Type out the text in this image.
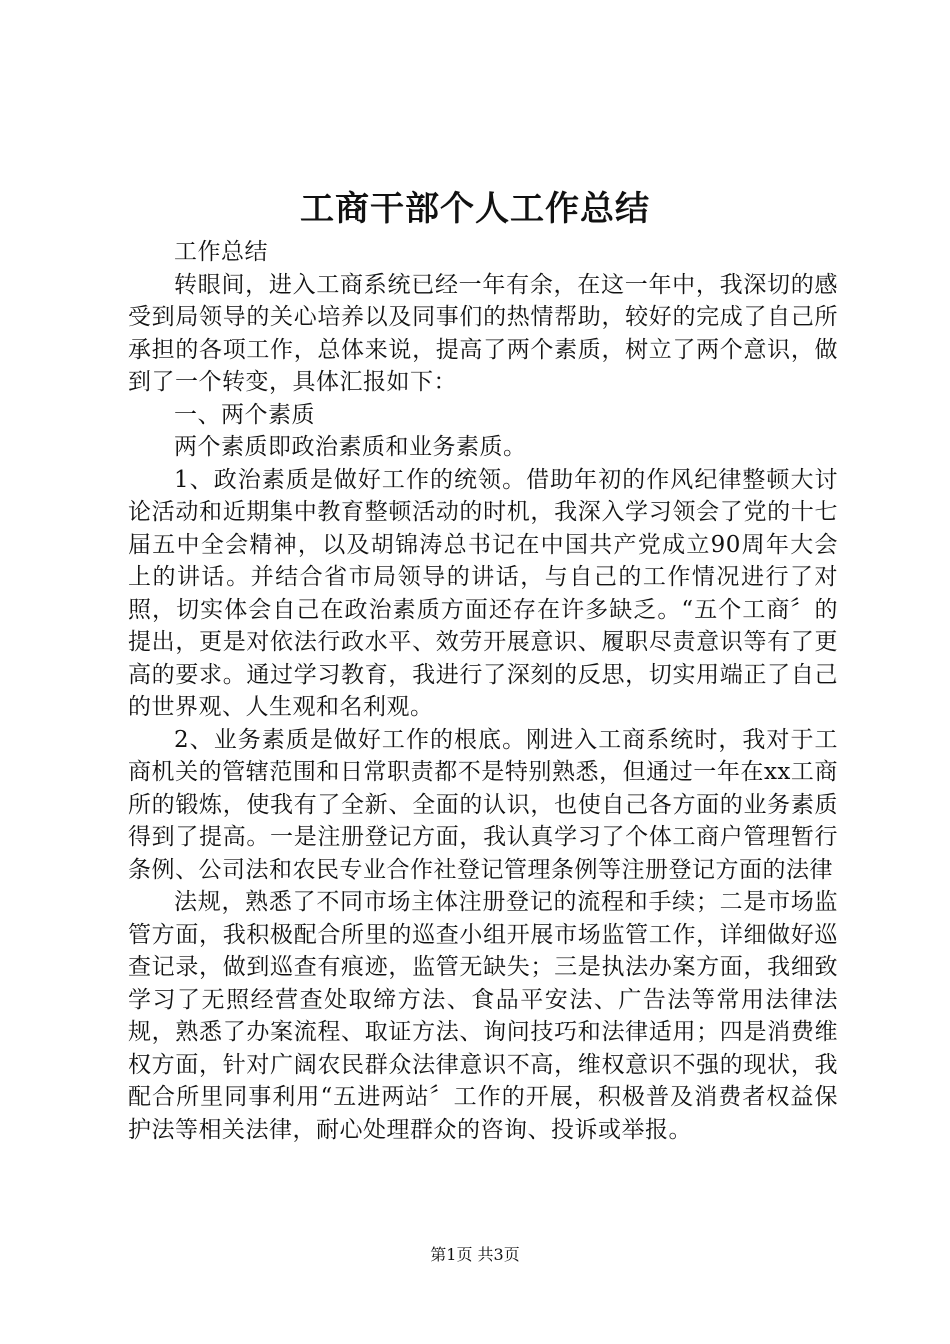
工商干部个人工作总结

工作总结

转眼间，进入工商系统已经一年有余，在这一年中，我深切的感受到局领导的关心培养以及同事们的热情帮助，较好的完成了自己所承担的各项工作，总体来说，提高了两个素质，树立了两个意识，做到了一个转变，具体汇报如下：

一、两个素质

两个素质即政治素质和业务素质。

1、政治素质是做好工作的统领。借助年初的作风纪律整顿大讨论活动和近期集中教育整顿活动的时机，我深入学习领会了党的十七届五中全会精神，以及胡锦涛总书记在中国共产党成立90周年大会上的讲话。并结合省市局领导的讲话，与自己的工作情况进行了对照，切实体会自己在政治素质方面还存在许多缺乏。“五个工商〞的提出，更是对依法行政水平、效劳开展意识、履职尽责意识等有了更高的要求。通过学习教育，我进行了深刻的反思，切实用端正了自己的世界观、人生观和名利观。

2、业务素质是做好工作的根底。刚进入工商系统时，我对于工商机关的管辖范围和日常职责都不是特别熟悉，但通过一年在xx工商所的锻炼，使我有了全新、全面的认识，也使自己各方面的业务素质得到了提高。一是注册登记方面，我认真学习了个体工商户管理暂行条例、公司法和农民专业合作社登记管理条例等注册登记方面的法律

法规，熟悉了不同市场主体注册登记的流程和手续；二是市场监管方面，我积极配合所里的巡查小组开展市场监管工作，详细做好巡查记录，做到巡查有痕迹，监管无缺失；三是执法办案方面，我细致学习了无照经营查处取缔方法、食品平安法、广告法等常用法律法规，熟悉了办案流程、取证方法、询问技巧和法律适用；四是消费维权方面，针对广阔农民群众法律意识不高，维权意识不强的现状，我配合所里同事利用“五进两站〞工作的开展，积极普及消费者权益保护法等相关法律，耐心处理群众的咨询、投诉或举报。

第1页 共3页
